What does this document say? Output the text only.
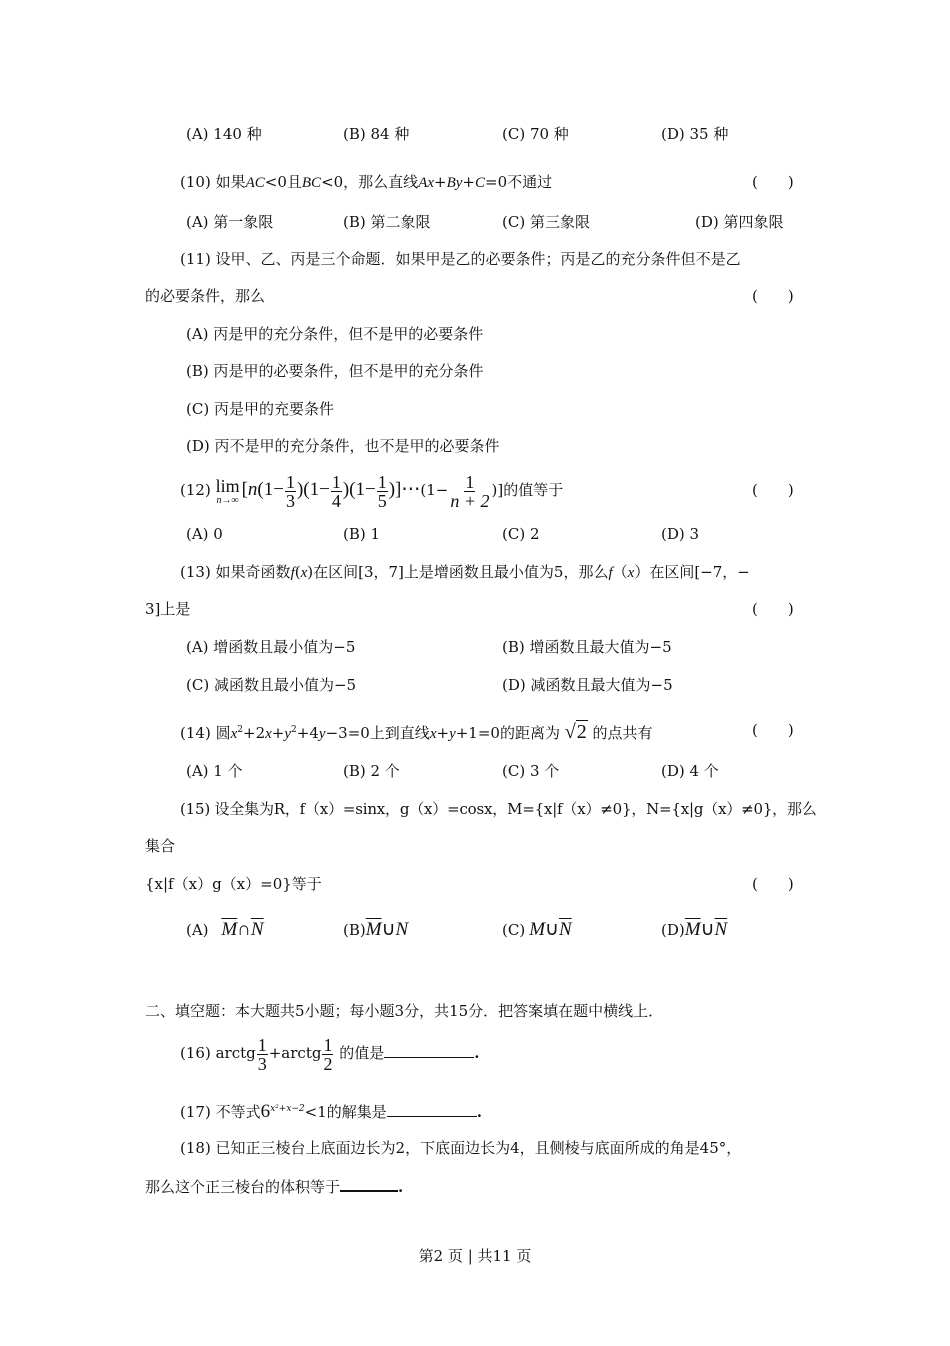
(A) 140 种	(B) 84 种	(C) 70 种	(D) 35 种
(10) 如果AC<0且BC<0，那么直线Ax+By+C=0不通过	(　　)
(A) 第一象限	(B) 第二象限	(C) 第三象限	(D) 第四象限
(11) 设甲、乙、丙是三个命题．如果甲是乙的必要条件；丙是乙的充分条件但不是乙
的必要条件，那么	(　　)
(A) 丙是甲的充分条件，但不是甲的必要条件
(B) 丙是甲的必要条件，但不是甲的充分条件
(C) 丙是甲的充要条件
(D) 丙不是甲的充分条件，也不是甲的必要条件
(12) lim
n→∞
[$n(1- \frac{1}{3} )(1- \frac{1}{4} )(1- \frac{1}{5}$ )]⋯(1− $\frac{1}{n + 2}$ )]的值等于	(　　)
(A) 0	(B) 1	(C) 2	(D) 3
(13) 如果奇函数f(x)在区间[3，7]上是增函数且最小值为5，那么f（x）在区间[−7，−
3]上是	(　　)
(A) 增函数且最小值为−5	(B) 增函数且最大值为−5
(C) 减函数且最小值为−5	(D) 减函数且最大值为−5
(14) 圆$x^2+2x+y^2+4y-3=0$上到直线x+y+1=0的距离为 √2 的点共有	(　　)
(A) 1 个	(B) 2 个	(C) 3 个	(D) 4 个
(15) 设全集为R，f（x）=sinx，g（x）=cosx，M={x|f（x）≠0}，N={x|g（x）≠0}，那么
集合
{x|f（x）g（x）=0}等于	(　　)
(A) $\overline{M}\cap\overline{N}$	$(B)\overline{M}\cup N$	(C) $M\cup\overline{N}$	$(D)\overline{M}\cup\overline{N}$
二、填空题：本大题共5小题；每小题3分，共15分．把答案填在题中横线上．
(16) arctg $\frac{1}{3}$ +arctg $\frac{1}{2}$ 的值是	.
(17) 不等式$6^{x^2+x-2}<1$的解集是	.
(18) 已知正三棱台上底面边长为2，下底面边长为4，且侧棱与底面所成的角是45°，
那么这个正三棱台的体积等于	.
第2 页 | 共11 页
